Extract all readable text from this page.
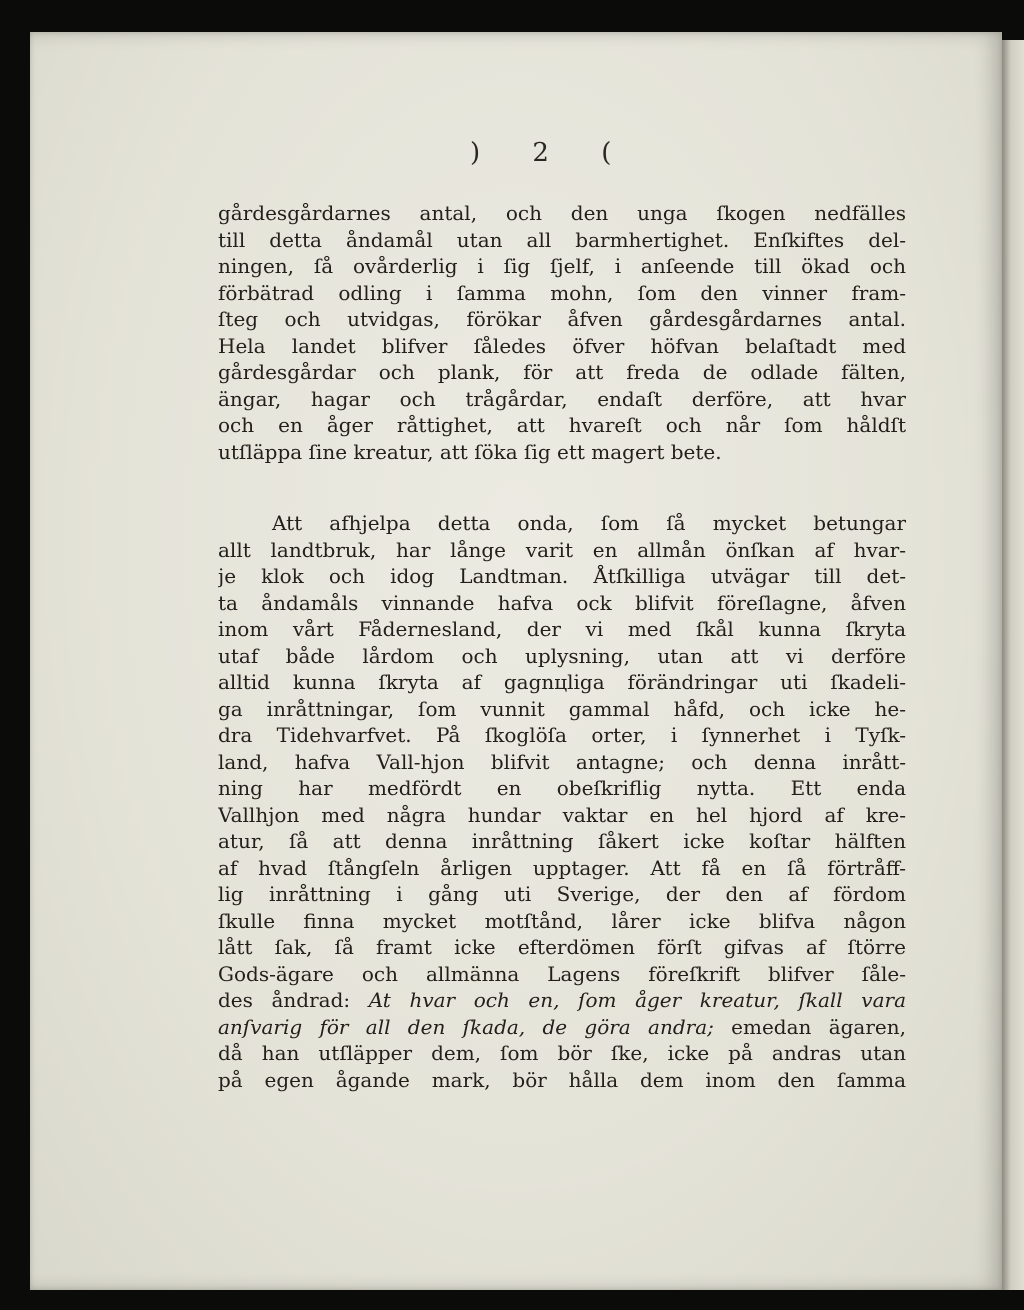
) 2 (
gårdesgårdarnes antal, och den unga ſkogen nedfälles
till detta åndamål utan all barmhertighet. Enſkiftes del-
ningen, ſå ovårderlig i ſig ſjelf, i anſeende till ökad och
förbätrad odling i ſamma mohn, ſom den vinner fram-
ſteg och utvidgas, förökar åfven gårdesgårdarnes antal.
Hela landet blifver ſåledes öfver höfvan belaſtadt med
gårdesgårdar och plank, för att freda de odlade fälten,
ängar, hagar och trågårdar, endaſt derföre, att hvar
och en åger råttighet, att hvareſt och når ſom håldſt
utſläppa ſine kreatur, att ſöka ſig ett magert bete.
Att afhjelpa detta onda, ſom ſå mycket betungar
allt landtbruk, har långe varit en allmån önſkan af hvar-
je klok och idog Landtman. Åtſkilliga utvägar till det-
ta åndamåls vinnande hafva ock blifvit föreſlagne, åfven
inom vårt Fådernesland, der vi med ſkål kunna ſkryta
utaf både lårdom och uplysning, utan att vi derföre
alltid kunna ſkryta af gagnцliga förändringar uti ſkadeli-
ga inråttningar, ſom vunnit gammal håfd, och icke he-
dra Tidehvarfvet. På ſkoglöſa orter, i ſynnerhet i Tyſk-
land, hafva Vall-hjon blifvit antagne; och denna inrått-
ning har medfördt en obeſkriflig nytta. Ett enda
Vallhjon med några hundar vaktar en hel hjord af kre-
atur, ſå att denna inråttning ſåkert icke koſtar hälften
af hvad ſtångſeln årligen upptager. Att få en ſå förtråff-
lig inråttning i gång uti Sverige, der den af fördom
ſkulle finna mycket motſtånd, lårer icke blifva någon
lått ſak, ſå framt icke efterdömen förſt gifvas af ſtörre
Gods-ägare och allmänna Lagens föreſkrift blifver ſåle-
des åndrad: At hvar och en, ſom åger kreatur, ſkall vara
anſvarig för all den ſkada, de göra andra; emedan ägaren,
då han utſläpper dem, ſom bör ſke, icke på andras utan
på egen ågande mark, bör hålla dem inom den ſamma
